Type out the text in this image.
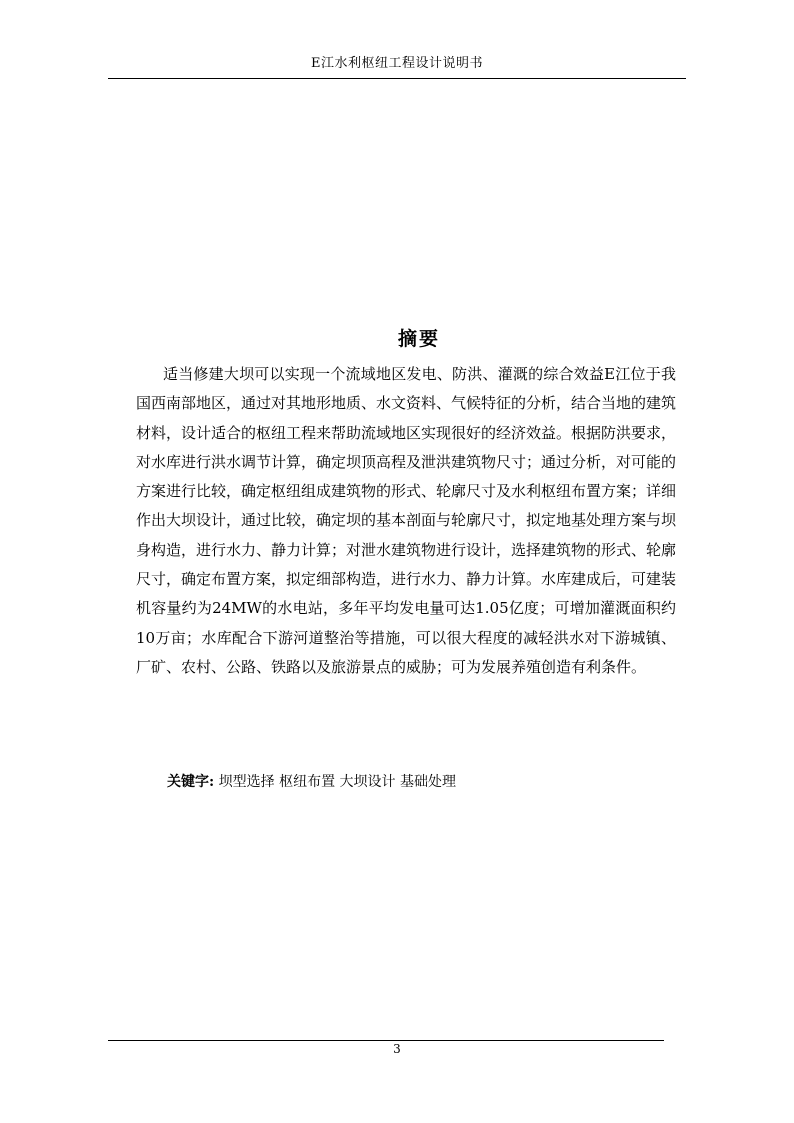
E江水利枢纽工程设计说明书
摘要

适当修建大坝可以实现一个流域地区发电、防洪、灌溉的综合效益E江位于我国西南部地区，通过对其地形地质、水文资料、气候特征的分析，结合当地的建筑材料，设计适合的枢纽工程来帮助流域地区实现很好的经济效益。根据防洪要求，对水库进行洪水调节计算，确定坝顶高程及泄洪建筑物尺寸；通过分析，对可能的方案进行比较，确定枢纽组成建筑物的形式、轮廓尺寸及水利枢纽布置方案；详细作出大坝设计，通过比较，确定坝的基本剖面与轮廓尺寸，拟定地基处理方案与坝身构造，进行水力、静力计算；对泄水建筑物进行设计，选择建筑物的形式、轮廓尺寸，确定布置方案，拟定细部构造，进行水力、静力计算。水库建成后，可建装机容量约为24MW的水电站，多年平均发电量可达1.05亿度；可增加灌溉面积约10万亩；水库配合下游河道整治等措施，可以很大程度的减轻洪水对下游城镇、厂矿、农村、公路、铁路以及旅游景点的威胁；可为发展养殖创造有利条件。

关键字: 坝型选择 枢纽布置 大坝设计 基础处理
3
